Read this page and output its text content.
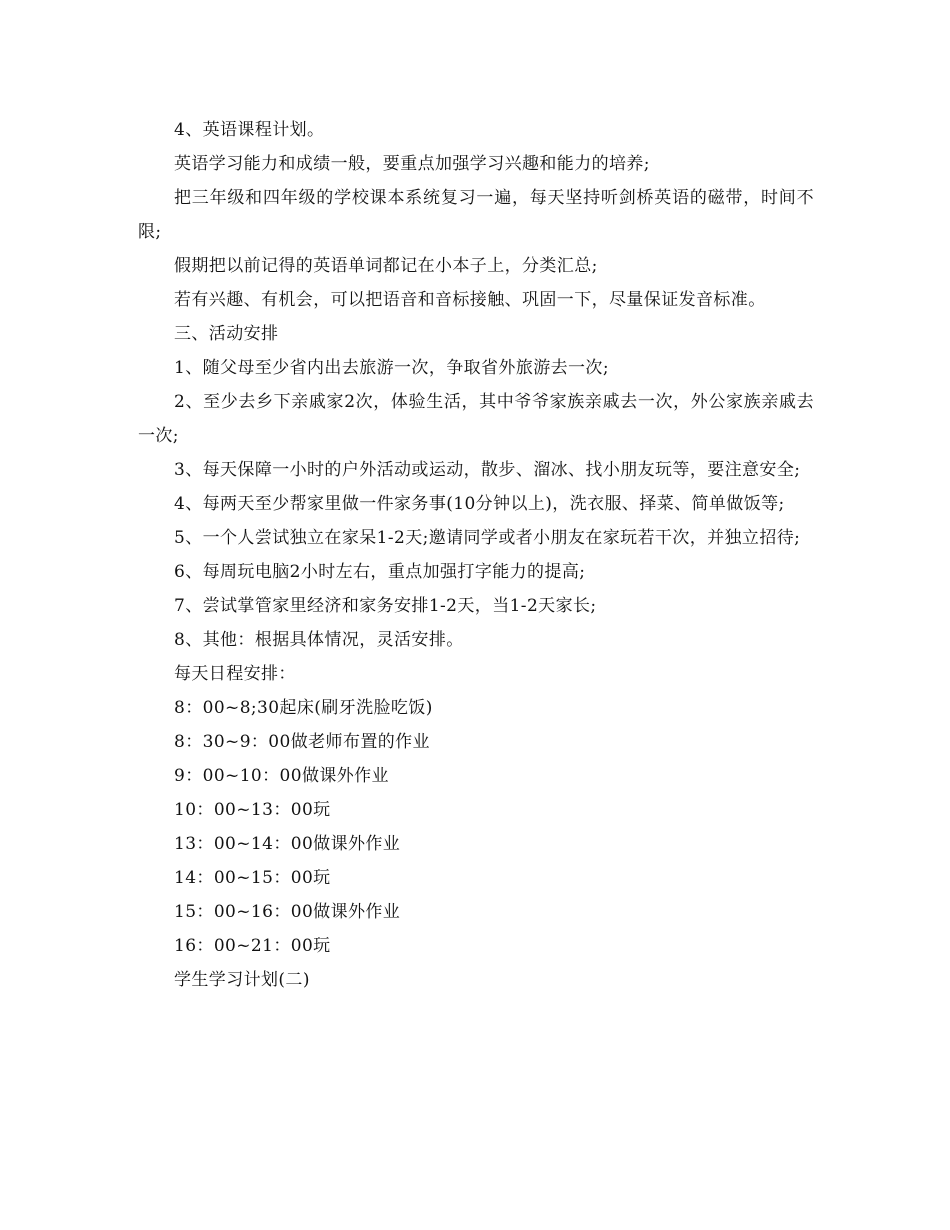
4、英语课程计划。

英语学习能力和成绩一般，要重点加强学习兴趣和能力的培养;

把三年级和四年级的学校课本系统复习一遍，每天坚持听剑桥英语的磁带，时间不限;

假期把以前记得的英语单词都记在小本子上，分类汇总;

若有兴趣、有机会，可以把语音和音标接触、巩固一下，尽量保证发音标准。

三、活动安排

1、随父母至少省内出去旅游一次，争取省外旅游去一次;

2、至少去乡下亲戚家2次，体验生活，其中爷爷家族亲戚去一次，外公家族亲戚去一次;

3、每天保障一小时的户外活动或运动，散步、溜冰、找小朋友玩等，要注意安全;

4、每两天至少帮家里做一件家务事(10分钟以上)，洗衣服、择菜、简单做饭等;

5、一个人尝试独立在家呆1-2天;邀请同学或者小朋友在家玩若干次，并独立招待;

6、每周玩电脑2小时左右，重点加强打字能力的提高;

7、尝试掌管家里经济和家务安排1-2天，当1-2天家长;

8、其他：根据具体情况，灵活安排。

每天日程安排：

8：00~8;30起床(刷牙洗脸吃饭)

8：30~9：00做老师布置的作业

9：00~10：00做课外作业

10：00~13：00玩

13：00~14：00做课外作业

14：00~15：00玩

15：00~16：00做课外作业

16：00~21：00玩

学生学习计划(二)
